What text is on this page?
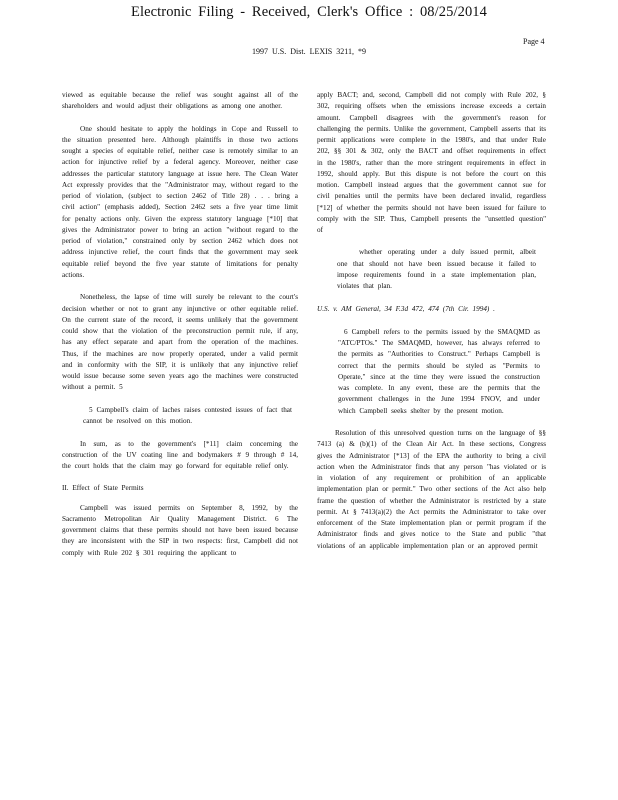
Electronic Filing - Received, Clerk's Office : 08/25/2014
Page 4
1997 U.S. Dist. LEXIS 3211, *9

viewed as equitable because the relief was sought against all of the shareholders and would adjust their obligations as among one another.

One should hesitate to apply the holdings in Cope and Russell to the situation presented here. Although plaintiffs in those two actions sought a species of equitable relief, neither case is remotely similar to an action for injunctive relief by a federal agency. Moreover, neither case addresses the particular statutory language at issue here. The Clean Water Act expressly provides that the "Administrator may, without regard to the period of violation, (subject to section 2462 of Title 28) . . . bring a civil action" (emphasis added), Section 2462 sets a five year time limit for penalty actions only. Given the express statutory language [*10] that gives the Administrator power to bring an action "without regard to the period of violation," constrained only by section 2462 which does not address injunctive relief, the court finds that the government may seek equitable relief beyond the five year statute of limitations for penalty actions.

Nonetheless, the lapse of time will surely be relevant to the court's decision whether or not to grant any injunctive or other equitable relief. On the current state of the record, it seems unlikely that the government could show that the violation of the preconstruction permit rule, if any, has any effect separate and apart from the operation of the machines. Thus, if the machines are now properly operated, under a valid permit and in conformity with the SIP, it is unlikely that any injunctive relief would issue because some seven years ago the machines were constructed without a permit. 5

5 Campbell's claim of laches raises contested issues of fact that cannot be resolved on this motion.

In sum, as to the government's [*11] claim concerning the construction of the UV coating line and bodymakers # 9 through # 14, the court holds that the claim may go forward for equitable relief only.

II. Effect of State Permits

Campbell was issued permits on September 8, 1992, by the Sacramento Metropolitan Air Quality Management District. 6 The government claims that these permits should not have been issued because they are inconsistent with the SIP in two respects: first, Campbell did not comply with Rule 202 § 301 requiring the applicant to

apply BACT; and, second, Campbell did not comply with Rule 202, § 302, requiring offsets when the emissions increase exceeds a certain amount. Campbell disagrees with the government's reason for challenging the permits. Unlike the government, Campbell asserts that its permit applications were complete in the 1980's, and that under Rule 202, §§ 301 & 302, only the BACT and offset requirements in effect in the 1980's, rather than the more stringent requirements in effect in 1992, should apply. But this dispute is not before the court on this motion. Campbell instead argues that the government cannot sue for civil penalties until the permits have been declared invalid, regardless [*12] of whether the permits should not have been issued for failure to comply with the SIP. Thus, Campbell presents the "unsettled question" of

whether operating under a duly issued permit, albeit one that should not have been issued because it failed to impose requirements found in a state implementation plan, violates that plan.

U.S. v. AM General, 34 F.3d 472, 474 (7th Cir. 1994) .

6 Campbell refers to the permits issued by the SMAQMD as "ATC/PTOs." The SMAQMD, however, has always referred to the permits as "Authorities to Construct." Perhaps Campbell is correct that the permits should be styled as "Permits to Operate," since at the time they were issued the construction was complete. In any event, these are the permits that the government challenges in the June 1994 FNOV, and under which Campbell seeks shelter by the present motion.

Resolution of this unresolved question turns on the language of §§ 7413 (a) & (b)(1) of the Clean Air Act. In these sections, Congress gives the Administrator [*13] of the EPA the authority to bring a civil action when the Administrator finds that any person "has violated or is in violation of any requirement or prohibition of an applicable implementation plan or permit." Two other sections of the Act also help frame the question of whether the Administrator is restricted by a state permit. At § 7413(a)(2) the Act permits the Administrator to take over enforcement of the State implementation plan or permit program if the Administrator finds and gives notice to the State and public "that violations of an applicable implementation plan or an approved permit
